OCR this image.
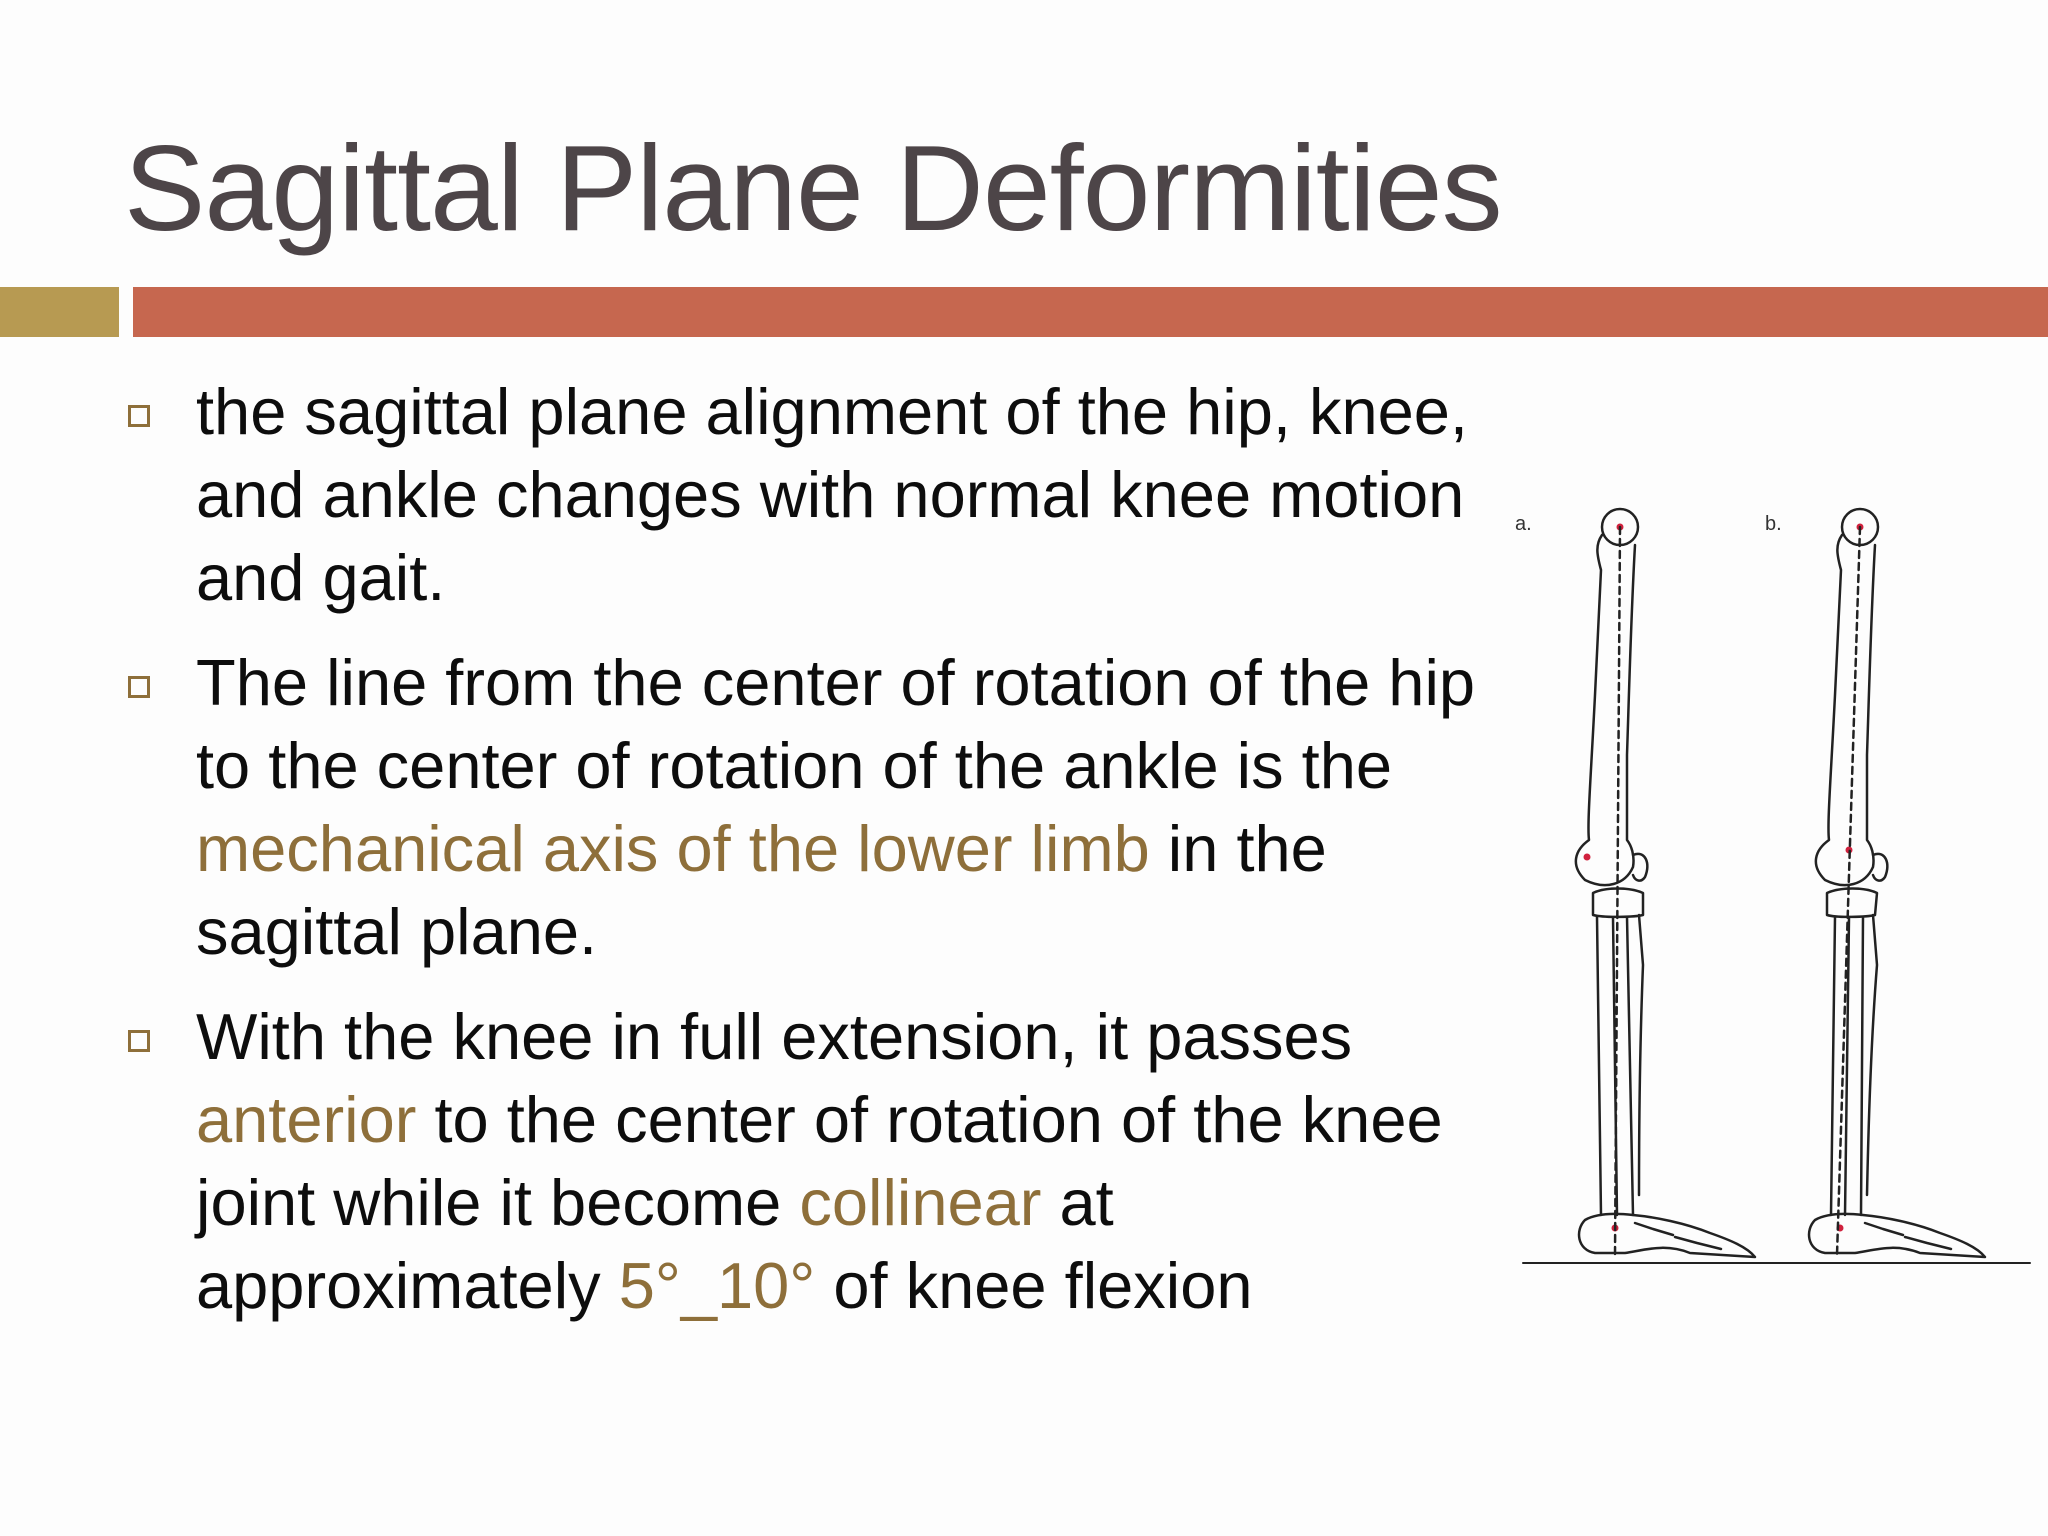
Sagittal Plane Deformities
the sagittal plane alignment of the hip, knee, and ankle changes with normal knee motion and gait.
The line from the center of rotation of the hip to the center of rotation of the ankle is the mechanical axis of the lower limb in the sagittal plane.
With the knee in full extension, it passes anterior to the center of rotation of the knee joint while it become collinear at approximately 5°_10° of knee flexion
a.	b.
